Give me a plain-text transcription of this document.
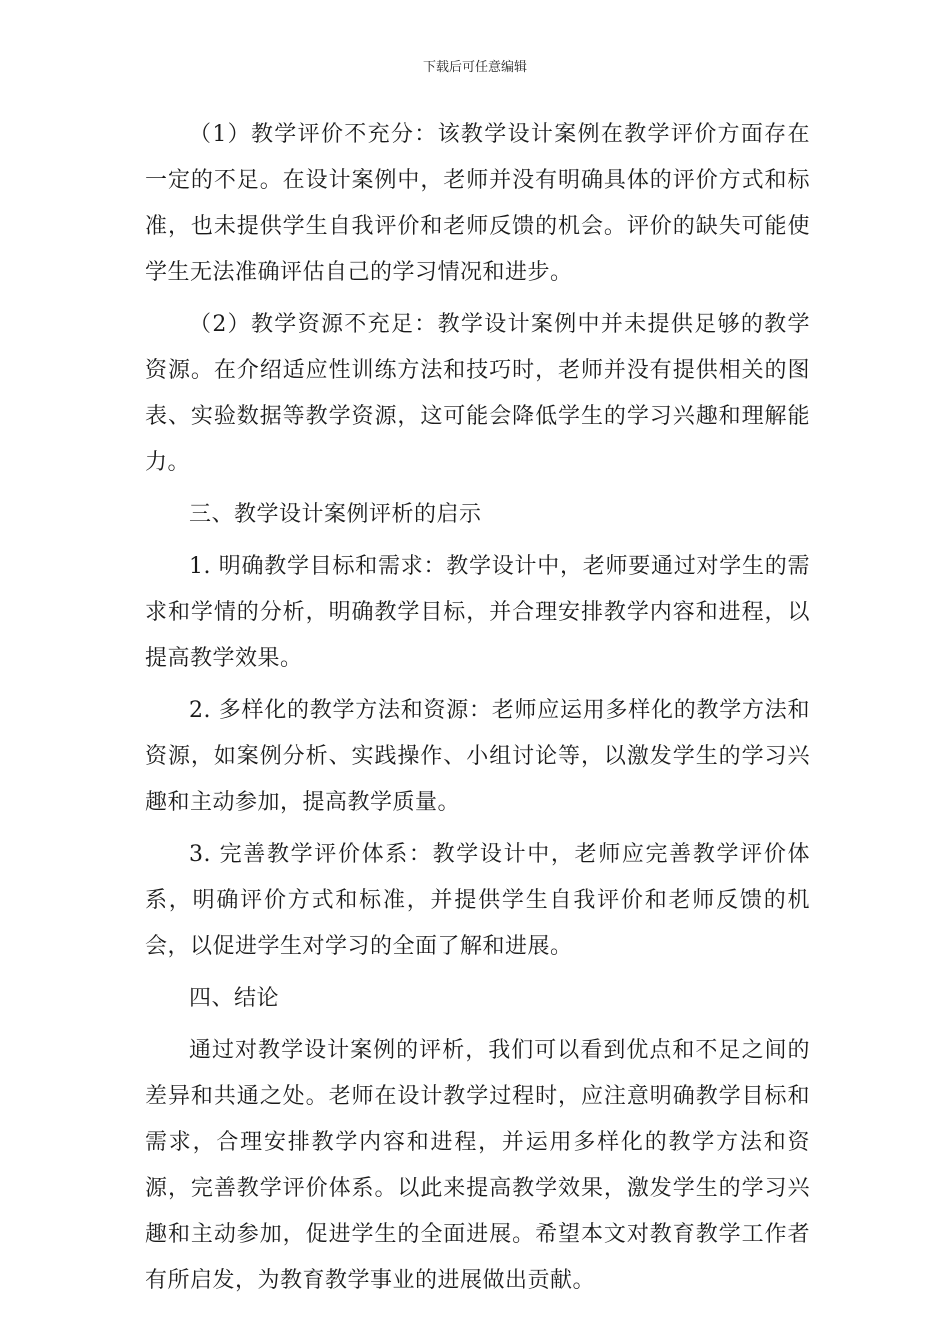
下载后可任意编辑

（1）教学评价不充分：该教学设计案例在教学评价方面存在一定的不足。在设计案例中，老师并没有明确具体的评价方式和标准，也未提供学生自我评价和老师反馈的机会。评价的缺失可能使学生无法准确评估自己的学习情况和进步。

（2）教学资源不充足：教学设计案例中并未提供足够的教学资源。在介绍适应性训练方法和技巧时，老师并没有提供相关的图表、实验数据等教学资源，这可能会降低学生的学习兴趣和理解能力。

三、教学设计案例评析的启示

1. 明确教学目标和需求：教学设计中，老师要通过对学生的需求和学情的分析，明确教学目标，并合理安排教学内容和进程，以提高教学效果。

2. 多样化的教学方法和资源：老师应运用多样化的教学方法和资源，如案例分析、实践操作、小组讨论等，以激发学生的学习兴趣和主动参加，提高教学质量。

3. 完善教学评价体系：教学设计中，老师应完善教学评价体系，明确评价方式和标准，并提供学生自我评价和老师反馈的机会，以促进学生对学习的全面了解和进展。

四、结论

通过对教学设计案例的评析，我们可以看到优点和不足之间的差异和共通之处。老师在设计教学过程时，应注意明确教学目标和需求，合理安排教学内容和进程，并运用多样化的教学方法和资源，完善教学评价体系。以此来提高教学效果，激发学生的学习兴趣和主动参加，促进学生的全面进展。希望本文对教育教学工作者有所启发，为教育教学事业的进展做出贡献。
